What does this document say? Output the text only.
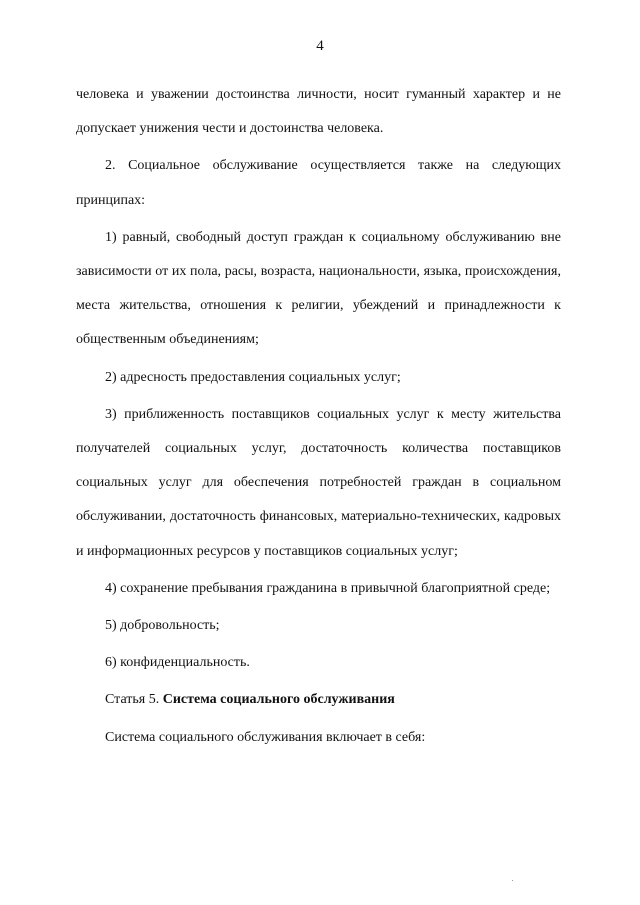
4

человека и уважении достоинства личности, носит гуманный характер и не допускает унижения чести и достоинства человека.

2. Социальное обслуживание осуществляется также на следующих принципах:

1) равный, свободный доступ граждан к социальному обслуживанию вне зависимости от их пола, расы, возраста, национальности, языка, происхождения, места жительства, отношения к религии, убеждений и принадлежности к общественным объединениям;

2) адресность предоставления социальных услуг;

3) приближенность поставщиков социальных услуг к месту жительства получателей социальных услуг, достаточность количества поставщиков социальных услуг для обеспечения потребностей граждан в социальном обслуживании, достаточность финансовых, материально-технических, кадровых и информационных ресурсов у поставщиков социальных услуг;

4) сохранение пребывания гражданина в привычной благоприятной среде;

5) добровольность;

6) конфиденциальность.

Статья 5. Система социального обслуживания

Система социального обслуживания включает в себя:
